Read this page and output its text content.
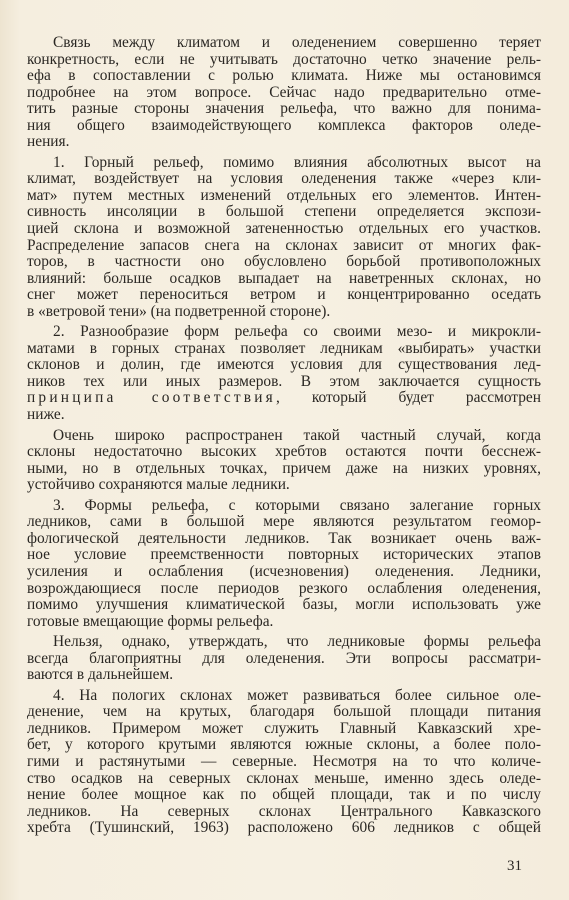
Связь между климатом и оледенением совершенно теряет
конкретность, если не учитывать достаточно четко значение рель-
ефа в сопоставлении с ролью климата. Ниже мы остановимся
подробнее на этом вопросе. Сейчас надо предварительно отме-
тить разные стороны значения рельефа, что важно для понима-
ния общего взаимодействующего комплекса факторов оледе-
нения.
1. Горный рельеф, помимо влияния абсолютных высот на
климат, воздействует на условия оледенения также «через кли-
мат» путем местных изменений отдельных его элементов. Интен-
сивность инсоляции в большой степени определяется экспози-
цией склона и возможной затененностью отдельных его участков.
Распределение запасов снега на склонах зависит от многих фак-
торов, в частности оно обусловлено борьбой противоположных
влияний: больше осадков выпадает на наветренных склонах, но
снег может переноситься ветром и концентрированно оседать
в «ветровой тени» (на подветренной стороне).
2. Разнообразие форм рельефа со своими мезо- и микрокли-
матами в горных странах позволяет ледникам «выбирать» участки
склонов и долин, где имеются условия для существования лед-
ников тех или иных размеров. В этом заключается сущность
принципа соответствия, который будет рассмотрен
ниже.
Очень широко распространен такой частный случай, когда
склоны недостаточно высоких хребтов остаются почти бесснеж-
ными, но в отдельных точках, причем даже на низких уровнях,
устойчиво сохраняются малые ледники.
3. Формы рельефа, с которыми связано залегание горных
ледников, сами в большой мере являются результатом геомор-
фологической деятельности ледников. Так возникает очень важ-
ное условие преемственности повторных исторических этапов
усиления и ослабления (исчезновения) оледенения. Ледники,
возрождающиеся после периодов резкого ослабления оледенения,
помимо улучшения климатической базы, могли использовать уже
готовые вмещающие формы рельефа.
Нельзя, однако, утверждать, что ледниковые формы рельефа
всегда благоприятны для оледенения. Эти вопросы рассматри-
ваются в дальнейшем.
4. На пологих склонах может развиваться более сильное оле-
денение, чем на крутых, благодаря большой площади питания
ледников. Примером может служить Главный Кавказский хре-
бет, у которого крутыми являются южные склоны, а более поло-
гими и растянутыми — северные. Несмотря на то что количе-
ство осадков на северных склонах меньше, именно здесь оледе-
нение более мощное как по общей площади, так и по числу
ледников. На северных склонах Центрального Кавказского
хребта (Тушинский, 1963) расположено 606 ледников с общей
31
